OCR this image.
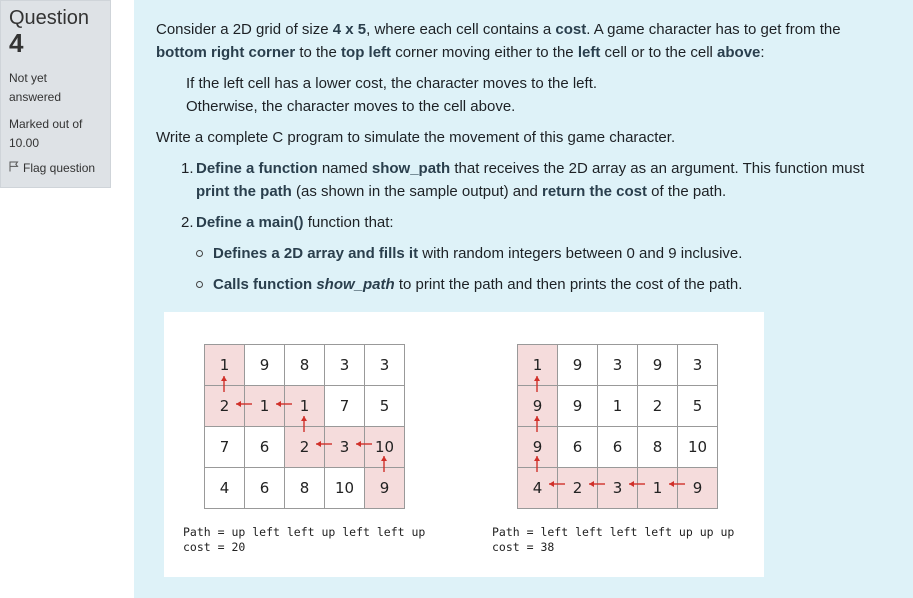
Question
4
Not yet answered
Marked out of 10.00
Flag question
Consider a 2D grid of size 4 x 5, where each cell contains a cost. A game character has to get from the
bottom right corner to the top left corner moving either to the left cell or to the cell above:
If the left cell has a lower cost, the character moves to the left.
Otherwise, the character moves to the cell above.
Write a complete C program to simulate the movement of this game character.
1. Define a function named show_path that receives the 2D array as an argument. This function must
print the path (as shown in the sample output) and return the cost of the path.
2. Define a main() function that:
Defines a 2D array and fills it with random integers between 0 and 9 inclusive.
Calls function show_path to print the path and then prints the cost of the path.
1	9	8	3	3
2	1	1	7	5
7	6	2	3	10
4	6	8	10	9
1	9	3	9	3
9	9	1	2	5
9	6	6	8	10
4	2	3	1	9
Path = up left left up left left up
cost = 20
Path = left left left left up up up
cost = 38
